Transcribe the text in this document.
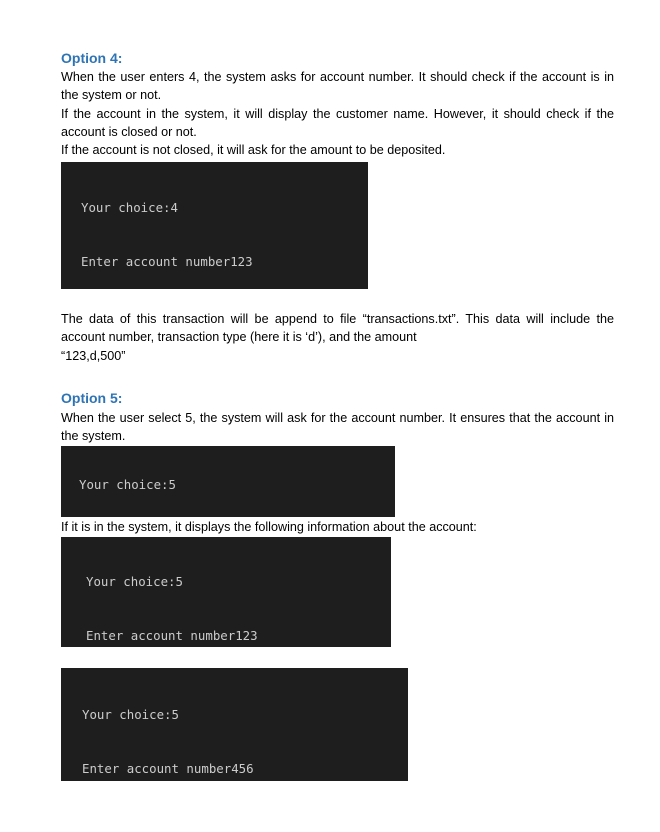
Option 4:
When the user enters 4, the system asks for account number. It should check if the account is in the system or not.
If the account in the system, it will display the customer name. However, it should check if the account is closed or not.
If the account is not closed, it will ask for the amount to be deposited.

Your choice:4

Enter account number123

The data of this transaction will be append to file “transactions.txt”. This data will include the account number, transaction type (here it is ‘d’), and the amount
“123,d,500”
Option 5:
When the user select 5, the system will ask for the account number. It ensures that the account in the system.

Your choice:5

If it is in the system, it displays the following information about the account:

Your choice:5

Enter account number123

Your choice:5

Enter account number456
